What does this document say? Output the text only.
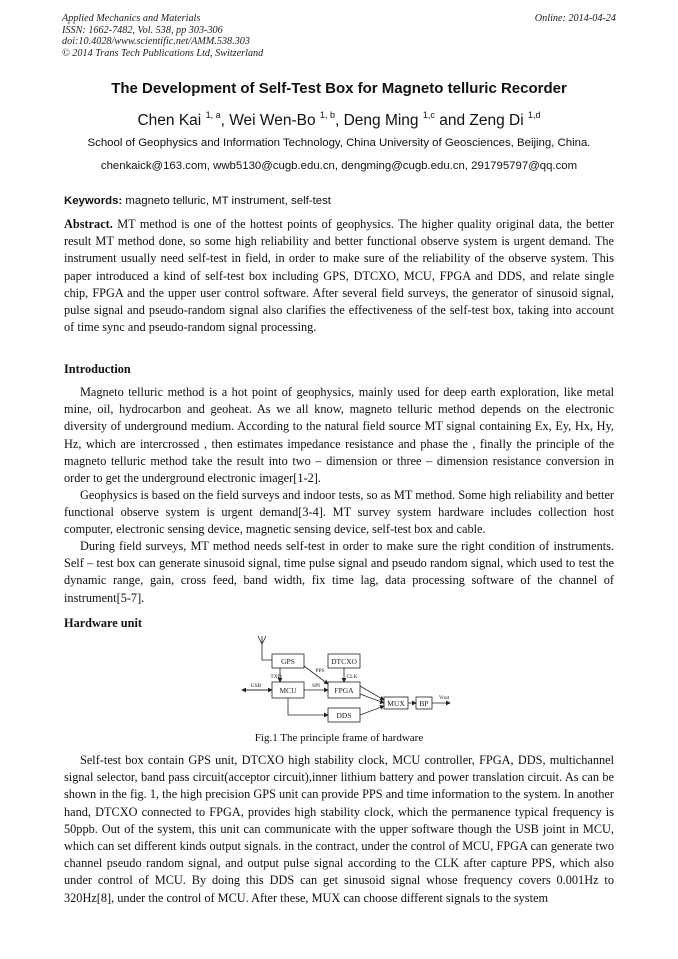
Applied Mechanics and Materials
ISSN: 1662-7482, Vol. 538, pp 303-306
doi:10.4028/www.scientific.net/AMM.538.303
© 2014 Trans Tech Publications Ltd, Switzerland
Online: 2014-04-24
The Development of Self-Test Box for Magneto telluric Recorder
Chen Kai $^{1, a}$, Wei Wen-Bo $^{1, b}$, Deng Ming $^{1,c}$ and Zeng Di $^{1,d}$
School of Geophysics and Information Technology, China University of Geosciences, Beijing, China.
chenkaick@163.com, wwb5130@cugb.edu.cn, dengming@cugb.edu.cn, 291795797@qq.com
Keywords: magneto telluric, MT instrument, self-test
Abstract. MT method is one of the hottest points of geophysics. The higher quality original data, the better result MT method done, so some high reliability and better functional observe system is urgent demand. The instrument usually need self-test in field, in order to make sure of the reliability of the observe system. This paper introduced a kind of self-test box including GPS, DTCXO, MCU, FPGA and DDS, and relate single chip, FPGA and the upper user control software. After several field surveys, the generator of sinusoid signal, pulse signal and pseudo-random signal also clarifies the effectiveness of the self-test box, taking into account of time sync and pseudo-random signal processing.
Introduction
Magneto telluric method is a hot point of geophysics, mainly used for deep earth exploration, like metal mine, oil, hydrocarbon and geoheat. As we all know, magneto telluric method depends on the electronic diversity of underground medium. According to the natural field source MT signal containing Ex, Ey, Hx, Hy, Hz, which are intercrossed , then estimates impedance resistance and phase the , finally the principle of the magneto telluric method take the result into two – dimension or three – dimension resistance conversion in order to get the underground electronic imager[1-2].
Geophysics is based on the field surveys and indoor tests, so as MT method. Some high reliability and better functional observe system is urgent demand[3-4]. MT survey system hardware includes collection host computer, electronic sensing device, magnetic sensing device, self-test box and cable.
During field surveys, MT method needs self-test in order to make sure the right condition of instruments. Self – test box can generate sinusoid signal, time pulse signal and pseudo random signal, which used to test the dynamic range, gain, cross feed, band width, fix time lag, data processing software of the channel of instrument[5-7].
Hardware unit
GPS	DTCXO
MCU	FPGA
DDS
MUX BP
TXD
PPS
CLK
USB	SPI
Vout
Fig.1 The principle frame of hardware
Self-test box contain GPS unit, DTCXO high stability clock, MCU controller, FPGA, DDS, multichannel signal selector, band pass circuit(acceptor circuit),inner lithium battery and power translation circuit. As can be shown in the fig. 1, the high precision GPS unit can provide PPS and time information to the system. In another hand, DTCXO connected to FPGA, provides high stability clock, which the permanence typical frequency is 50ppb. Out of the system, this unit can communicate with the upper software though the USB joint in MCU, which can set different kinds output signals. in the contract, under the control of MCU, FPGA can generate two channel pseudo random signal, and output pulse signal according to the CLK after capture PPS, which also under control of MCU. By doing this DDS can get sinusoid signal whose frequency covers 0.001Hz to 320Hz[8], under the control of MCU. After these, MUX can choose different signals to the system
